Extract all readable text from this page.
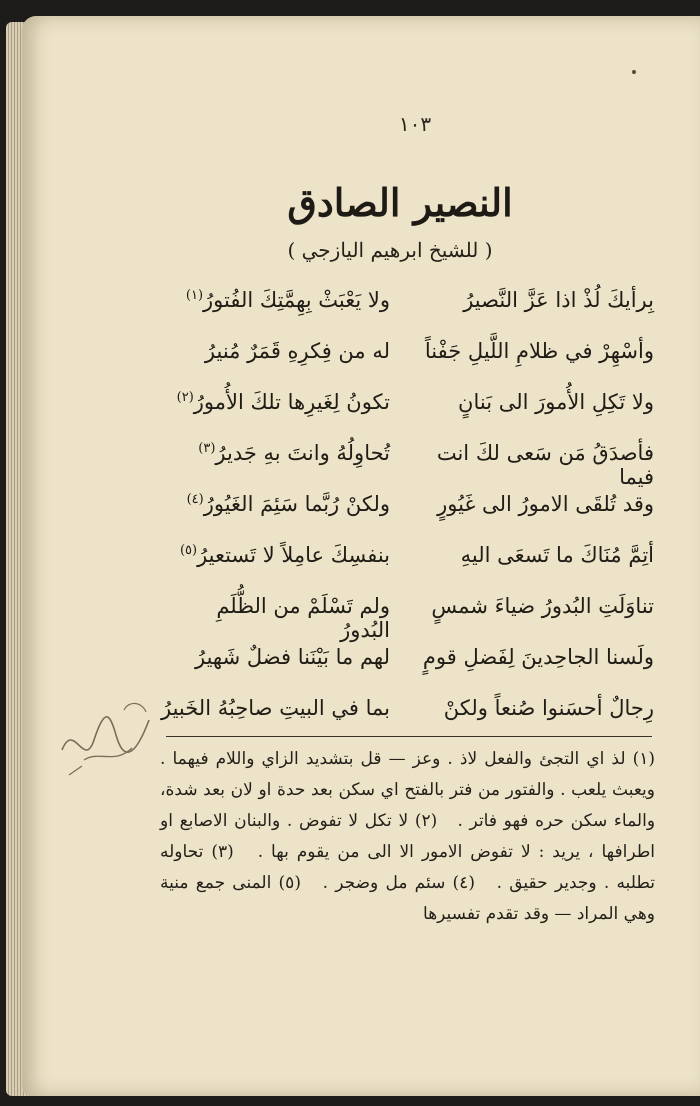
١٠٣
النصير الصادق
( للشيخ ابرهيم اليازجي )
بِرأيكَ لُذْ اذا عَزَّ النَّصيرُ
ولا يَعْبَثْ بِهِمَّتِكَ الفُتورُ$^{(١)}$
وأسْهِرْ في ظلامِ اللَّيلِ جَفْناً
له من فِكرِهِ قَمَرٌ مُنيرُ
ولا تَكِلِ الأُمورَ الى بَنانٍ
تكونُ لِغَيرِها تلكَ الأُمورُ$^{(٢)}$
فأصدَقُ مَن سَعى لكَ انت فيما
تُحاوِلُهُ وانتَ بهِ جَديرُ$^{(٣)}$
وقد تُلقَى الامورُ الى غَيُورٍ
ولكنْ رُبَّما سَئِمَ الغَيُورُ$^{(٤)}$
أتِمَّ مُنَاكَ ما تَسعَى اليهِ
بنفسِكَ عامِلاً لا تَستعيرُ$^{(٥)}$
تناوَلَتِ البُدورُ ضياءَ شمسٍ
ولم تَسْلَمْ من الظُّلَمِ البُدورُ
ولَسنا الجاحِدينَ لِفَضلِ قومٍ
لهم ما بَيْنَنا فضلٌ شَهيرُ
رِجالٌ أحسَنوا صُنعاً ولكنْ
بما في البيتِ صاحِبُهُ الخَبيرُ
(١) لذ اي التجئ والفعل لاذ . وعز — قل بتشديد الزاي واللام فيهما . ويعبث يلعب . والفتور من فتر بالفتح اي سكن بعد حدة او لان بعد شدة، والماء سكن حره فهو فاتر .   (٢) لا تكل لا تفوض . والبنان الاصابع او اطرافها ، يريد : لا تفوض الامور الا الى من يقوم بها .   (٣) تحاوله تطلبه . وجدير حقيق .   (٤) سئم مل وضجر .   (٥) المنى جمع منية وهي المراد — وقد تقدم تفسيرها
